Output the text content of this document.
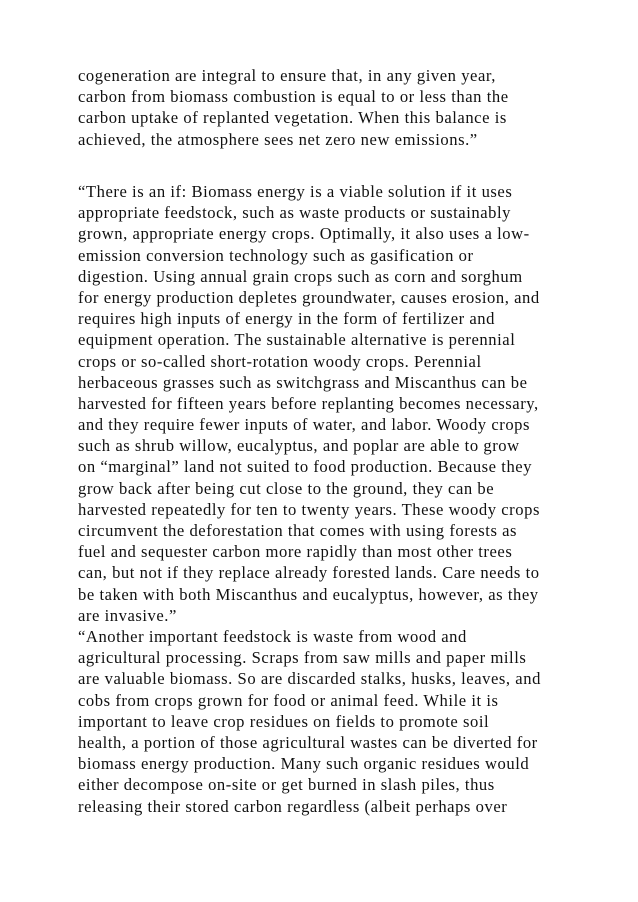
cogeneration are integral to ensure that, in any given year,
carbon from biomass combustion is equal to or less than the
carbon uptake of replanted vegetation. When this balance is
achieved, the atmosphere sees net zero new emissions.”
“There is an if: Biomass energy is a viable solution if it uses
appropriate feedstock, such as waste products or sustainably
grown, appropriate energy crops. Optimally, it also uses a low-
emission conversion technology such as gasification or
digestion. Using annual grain crops such as corn and sorghum
for energy production depletes groundwater, causes erosion, and
requires high inputs of energy in the form of fertilizer and
equipment operation. The sustainable alternative is perennial
crops or so-called short-rotation woody crops. Perennial
herbaceous grasses such as switchgrass and Miscanthus can be
harvested for fifteen years before replanting becomes necessary,
and they require fewer inputs of water, and labor. Woody crops
such as shrub willow, eucalyptus, and poplar are able to grow
on “marginal” land not suited to food production. Because they
grow back after being cut close to the ground, they can be
harvested repeatedly for ten to twenty years. These woody crops
circumvent the deforestation that comes with using forests as
fuel and sequester carbon more rapidly than most other trees
can, but not if they replace already forested lands. Care needs to
be taken with both Miscanthus and eucalyptus, however, as they
are invasive.”
“Another important feedstock is waste from wood and
agricultural processing. Scraps from saw mills and paper mills
are valuable biomass. So are discarded stalks, husks, leaves, and
cobs from crops grown for food or animal feed. While it is
important to leave crop residues on fields to promote soil
health, a portion of those agricultural wastes can be diverted for
biomass energy production. Many such organic residues would
either decompose on-site or get burned in slash piles, thus
releasing their stored carbon regardless (albeit perhaps over
